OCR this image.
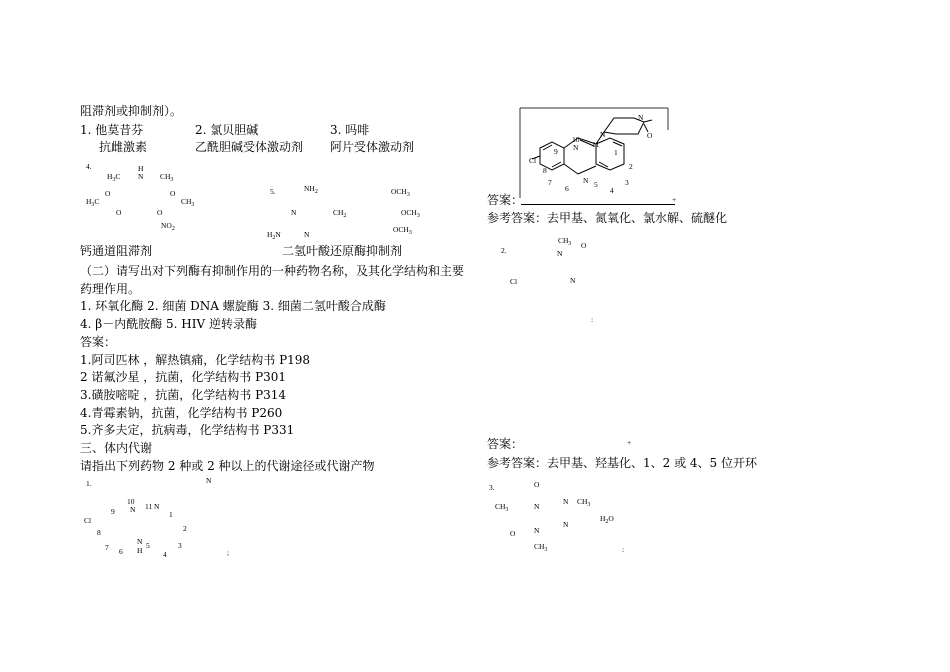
阻滞剂或抑制剂）。
1. 他莫昔芬	2. 氯贝胆碱	3. 吗啡
抗雌激素	乙酰胆碱受体激动剂 阿片受体激动剂
4.	H
$H_3C$ N $CH_3$
O	O
$H_3C$	$CH_3$
O	O
$NO_2$
5.	$NH_2$	$OCH_3$
N	$CH_2$	$OCH_3$
$H_2N$	N
$OCH_3$
钙通道阻滞剂	二氢叶酸还原酶抑制剂
（二）请写出对下列酶有抑制作用的一种药物名称，及其化学结构和主要
药理作用。
1. 环氧化酶 2. 细菌 DNA 螺旋酶 3. 细菌二氢叶酸合成酶
4. β－内酰胺酶 5. HIV 逆转录酶
答案：
1.阿司匹林 ，解热镇痛，化学结构书 P198
2 诺氟沙星 ，抗菌，化学结构书 P301
3.磺胺嘧啶 ，抗菌，化学结构书 P314
4.青霉素钠，抗菌，化学结构书 P260
5.齐多夫定，抗病毒，化学结构书 P331
三、体内代谢
请指出下列药物 2 种或 2 种以上的代谢途径或代谢产物
1.	N
10
9 N 11 N
1
Cl
2
8
N
7	5	3
6 H	4	;
N
N
O
10
N 11
1
9
Cl
8	2
7
6
N 5	3
4
答案：	+
参考答案：去甲基、氮氧化、氯水解、硫醚化
2.
$CH_3$ O
N
Cl	N
:
答案：	+
参考答案：去甲基、羟基化、1、2 或 4、5 位开环
3.	O
$CH_3$	N
N $CH_3$
$H_2O$
N
O N
$CH_3$	:
